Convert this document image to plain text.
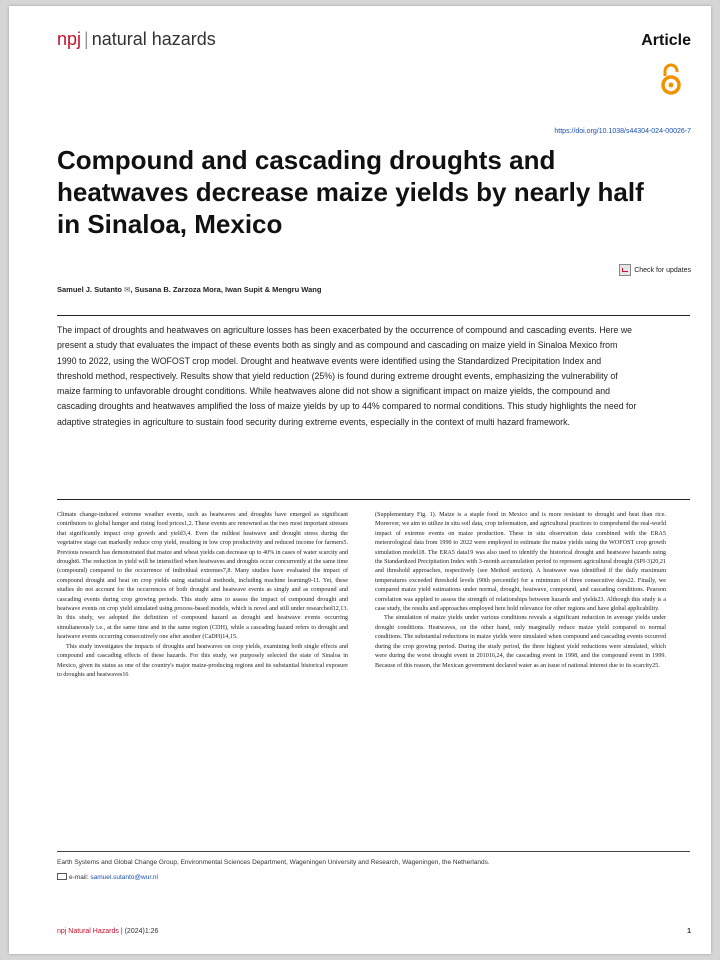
npj | natural hazards	Article
https://doi.org/10.1038/s44304-024-00026-7
Compound and cascading droughts and heatwaves decrease maize yields by nearly half in Sinaloa, Mexico
Check for updates
Samuel J. Sutanto ✉, Susana B. Zarzoza Mora, Iwan Supit & Mengru Wang

The impact of droughts and heatwaves on agriculture losses has been exacerbated by the occurrence of compound and cascading events. Here we present a study that evaluates the impact of these events both as singly and as compound and cascading on maize yield in Sinaloa Mexico from 1990 to 2022, using the WOFOST crop model. Drought and heatwave events were identified using the Standardized Precipitation Index and threshold method, respectively. Results show that yield reduction (25%) is found during extreme drought events, emphasizing the vulnerability of maize farming to unfavorable drought conditions. While heatwaves alone did not show a significant impact on maize yields, the compound and cascading droughts and heatwaves amplified the loss of maize yields by up to 44% compared to normal conditions. This study highlights the need for adaptive strategies in agriculture to sustain food security during extreme events, especially in the context of multi hazard framework.

Climate change-induced extreme weather events, such as heatwaves and droughts have emerged as significant contributors to global hunger and rising food prices1,2. These events are renowned as the two most important stresses that significantly impact crop growth and yield3,4. Even the mildest heatwave and drought stress during the vegetative stage can markedly reduce crop yield, resulting in low crop productivity and reduced income for farmers5. Previous research has demonstrated that maize and wheat yields can decrease up to 40% in cases of water scarcity and drought6. The reduction in yield will be intensified when heatwaves and droughts occur concurrently at the same time (compound) compared to the occurrence of individual extremes7,8. Many studies have evaluated the impact of compound drought and heat on crop yields using statistical methods, including machine learning9-11. Yet, these studies do not account for the occurrences of both drought and heatwave events as singly and as compound and cascading events during crop growing periods. This study aims to assess the impact of compound drought and heatwave events on crop yield simulated using process-based models, which is novel and still under researched12,13. In this study, we adopted the definition of compound hazard as drought and heatwave events occurring simultaneously i.e., at the same time and in the same region (CDH), while a cascading hazard refers to drought and heatwave events occurring consecutively one after another (CaDH)14,15.

This study investigates the impacts of droughts and heatwaves on crop yields, examining both single effects and compound and cascading effects of these hazards. For this study, we purposely selected the state of Sinaloa in Mexico, given its status as one of the country's major maize-producing regions and its substantial historical exposure to droughts and heatwaves16

(Supplementary Fig. 1). Maize is a staple food in Mexico and is more resistant to drought and heat than rice. Moreover, we aim to utilize in situ soil data, crop information, and agricultural practices to comprehend the real-world impact of extreme events on maize production. These in situ observation data combined with the ERA5 meteorological data from 1990 to 2022 were employed to estimate the maize yields using the WOFOST crop growth simulation model18. The ERA5 data19 was also used to identify the historical drought and heatwave hazards using the Standardized Precipitation Index with 3-month accumulation period to represent agricultural drought (SPI-3)20,21 and threshold approaches, respectively (see Method section). A heatwave was identified if the daily maximum temperatures exceeded threshold levels (90th percentile) for a minimum of three consecutive days22. Finally, we compared maize yield estimations under normal, drought, heatwave, compound, and cascading conditions. Pearson correlation was applied to assess the strength of relationships between hazards and yields23. Although this study is a case study, the results and approaches employed here hold relevance for other regions and have global applicability.

The simulation of maize yields under various conditions reveals a significant reduction in average yields under drought conditions. Heatwaves, on the other hand, only marginally reduce maize yield compared to normal conditions. The substantial reductions in maize yields were simulated when compound and cascading events occurred during the crop growing period. During the study period, the three highest yield reductions were simulated, which were during the worst drought event in 201016,24, the cascading event in 1998, and the compound event in 1999. Because of this reason, the Mexican government declared water as an issue of national interest due to its scarcity25.

Earth Systems and Global Change Group, Environmental Sciences Department, Wageningen University and Research, Wageningen, the Netherlands.
e-mail: samuel.sutanto@wur.nl
npj Natural Hazards | (2024)1:26	1
